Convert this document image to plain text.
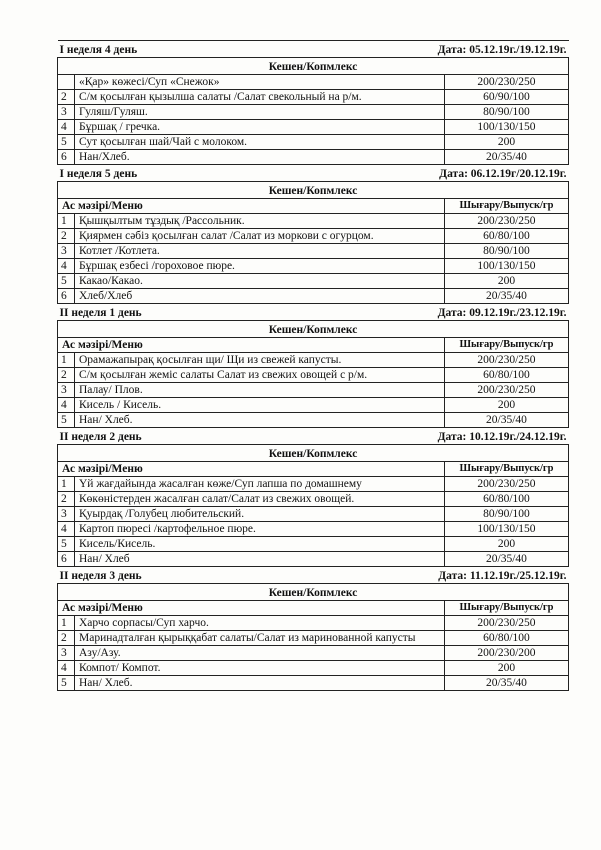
I неделя 4 день Дата: 05.12.19г./19.12.19г.		

Кешен/Копмлекс		
	«Қар» көжесі/Суп «Снежок»	200/230/250
2	С/м қосылған қызылша салаты /Салат свекольный на р/м.	60/90/100
3	Гуляш/Гуляш.	80/90/100
4	Бұршақ / гречка.	100/130/150
5	Сут қосылған шай/Чай с молоком.	200
6	Нан/Хлеб.	20/35/40

I неделя 5 день Дата: 06.12.19г/20.12.19г.		

Кешен/Копмлекс		
Ас мәзірі/Меню		Шығару/Выпуск/гр
1	Қышқылтым тұздық /Рассольник.	200/230/250
2	Қиярмен сәбіз қосылған салат /Салат из моркови с огурцом.	60/80/100
3	Котлет /Котлета.	80/90/100
4	Бұршақ езбесі /гороховое пюре.	100/130/150
5	Какао/Какао.	200
6	Хлеб/Хлеб	20/35/40

II неделя 1 день Дата: 09.12.19г./23.12.19г.		

Кешен/Копмлекс		
Ас мәзірі/Меню		Шығару/Выпуск/гр
1	Орамажапырақ қосылған щи/ Щи из свежей капусты.	200/230/250
2	С/м қосылған жеміс салаты Салат из свежих овощей с р/м.	60/80/100
3	Палау/ Плов.	200/230/250
4	Кисель / Кисель.	200
5	Нан/ Хлеб.	20/35/40

II неделя 2 день Дата: 10.12.19г./24.12.19г.		

Кешен/Копмлекс		
Ас мәзірі/Меню		Шығару/Выпуск/гр
1	Үй жағдайында жасалған көже/Суп лапша по домашнему	200/230/250
2	Көкөністерден жасалған салат/Салат из свежих овощей.	60/80/100
3	Қуырдақ /Голубец любительский.	80/90/100
4	Картоп пюресі /картофельное пюре.	100/130/150
5	Кисель/Кисель.	200
6	Нан/ Хлеб	20/35/40

II неделя 3 день Дата: 11.12.19г./25.12.19г.		

Кешен/Копмлекс		
Ас мәзірі/Меню		Шығару/Выпуск/гр
1	Харчо сорпасы/Суп харчо.	200/230/250
2	Маринадталған қырыққабат салаты/Салат из маринованной капусты	60/80/100
3	Азу/Азу.	200/230/200
4	Компот/ Компот.	200
5	Нан/ Хлеб.	20/35/40
